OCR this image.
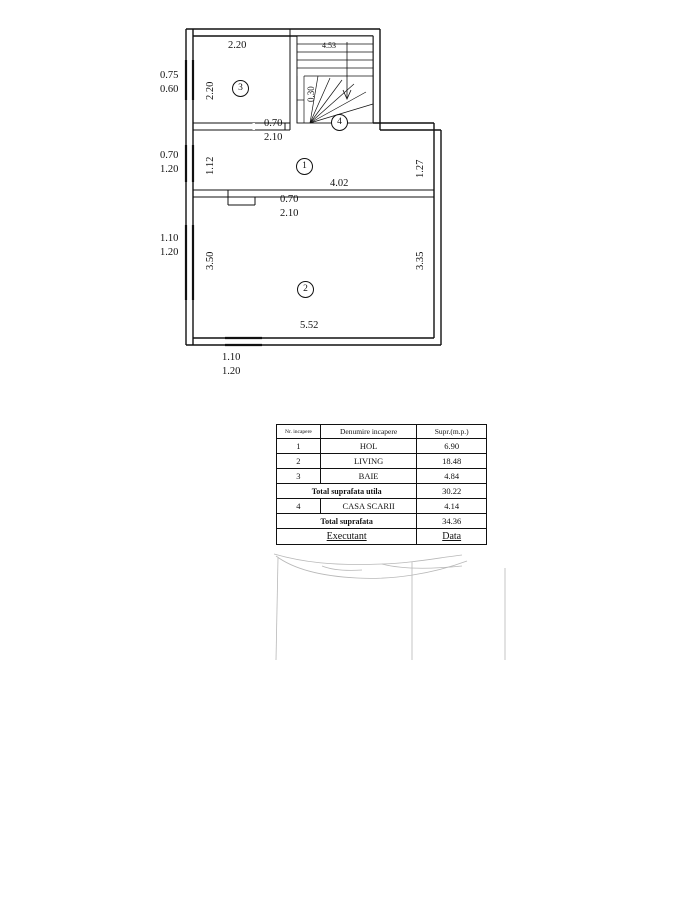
1
2
3
4
2.20
0.75
0.60	2.20
4.53
0.30
0.70
2.10
0.70
1.20	1.12	1.27
4.02
0.70
2.10
1.10
1.20	3.50	3.35
5.52
1.10
1.20
Nr. incapere	Denumire incapere	Supr.(m.p.)
1	HOL	6.90
2	LIVING	18.48
3	BAIE	4.84
Total suprafata utila		30.22
4	CASA SCARII	4.14
Total suprafata		34.36
Executant		Data
